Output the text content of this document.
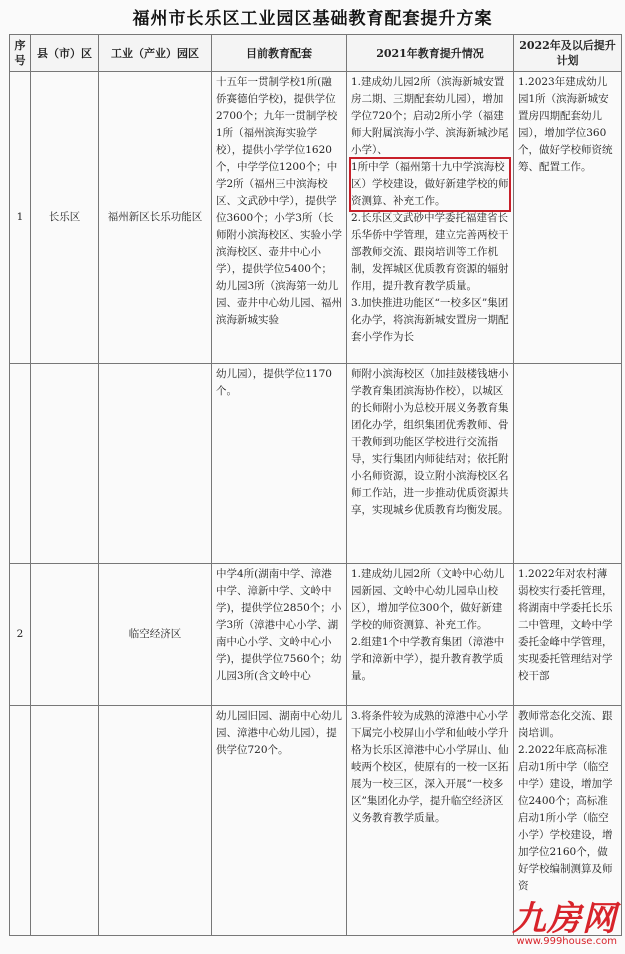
福州市长乐区工业园区基础教育配套提升方案
序号	县（市）区	工业（产业）园区	目前教育配套	2021年教育提升情况	2022年及以后提升计划
1	长乐区	福州新区长乐功能区	十五年一贯制学校1所(融侨赛德伯学校)，提供学位2700个；九年一贯制学校1所（福州滨海实验学校），提供小学学位1620个，中学学位1200个；中学2所（福州三中滨海校区、文武砂中学），提供学位3600个；小学3所（长师附小滨海校区、实验小学滨海校区、壶井中心小学），提供学位5400个；幼儿园3所（滨海第一幼儿园、壶井中心幼儿园、福州滨海新城实验	1.建成幼儿园2所（滨海新城安置房二期、三期配套幼儿园），增加学位720个；启动2所小学（福建师大附属滨海小学、滨海新城沙尾小学）、
1所中学（福州第十九中学滨海校区）学校建设，做好新建学校的师资测算、补充工作。
2.长乐区文武砂中学委托福建省长乐华侨中学管理，建立完善两校干部教师交流、跟岗培训等工作机制，发挥城区优质教育资源的辐射作用，提升教育教学质量。
3.加快推进功能区“一校多区”集团化办学，将滨海新城安置房一期配套小学作为长	1.2023年建成幼儿园1所（滨海新城安置房四期配套幼儿园），增加学位360个，做好学校师资统筹、配置工作。

			幼儿园），提供学位1170个。	师附小滨海校区（加挂鼓楼钱塘小学教育集团滨海协作校），以城区的长师附小为总校开展义务教育集团化办学，组织集团优秀教师、骨干教师到功能区学校进行交流指导，实行集团内师徒结对；依托附小名师资源，设立附小滨海校区名师工作站，进一步推动优质资源共享，实现城乡优质教育均衡发展。	

2		临空经济区	中学4所(湖南中学、漳港中学、漳新中学、文岭中学)，提供学位2850个；小学3所（漳港中心小学、湖南中心小学、文岭中心小学)，提供学位7560个；幼儿园3所(含文岭中心	1.建成幼儿园2所（文岭中心幼儿园新园、文岭中心幼儿园阜山校区），增加学位300个，做好新建学校的师资测算、补充工作。
2.组建1个中学教育集团（漳港中学和漳新中学），提升教育教学质量。	1.2022年对农村薄弱校实行委托管理，将湖南中学委托长乐二中管理，文岭中学委托金峰中学管理，实现委托管理结对学校干部

			幼儿园旧园、湖南中心幼儿园、漳港中心幼儿园），提供学位720个。	3.将条件较为成熟的漳港中心小学下属完小校屏山小学和仙岐小学升格为长乐区漳港中心小学屏山、仙岐两个校区，使原有的一校一区拓展为一校三区，深入开展“一校多区”集团化办学，提升临空经济区义务教育教学质量。	教师常态化交流、跟岗培训。
2.2022年底高标准启动1所中学（临空中学）建设，增加学位2400个；高标准启动1所小学（临空小学）学校建设，增加学位2160个，做好学校编制测算及师资
九房网
www.999house.com
